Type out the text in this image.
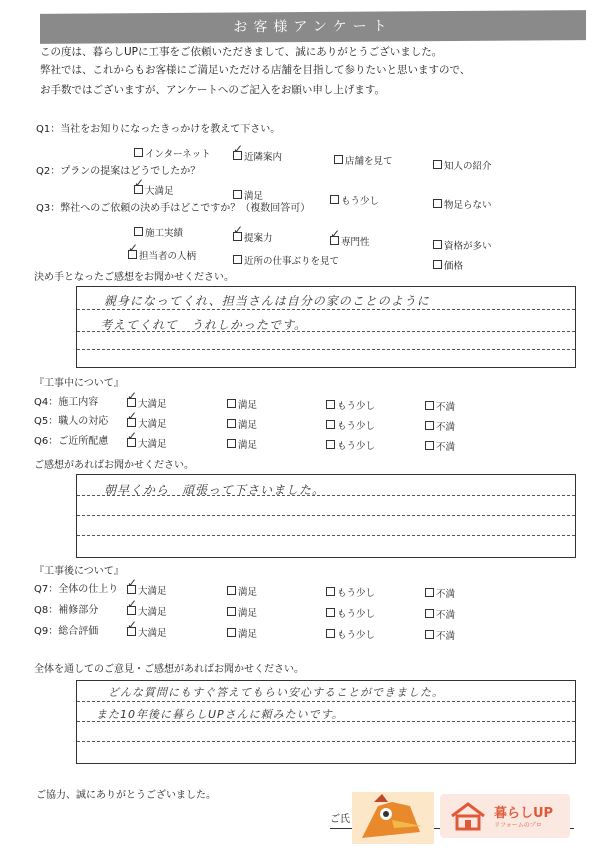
お客様アンケート
この度は、暮らしUPに工事をご依頼いただきまして、誠にありがとうございました。
弊社では、これからもお客様にご満足いただける店舗を目指して参りたいと思いますので、
お手数ではございますが、アンケートへのご記入をお願い申し上げます。
Q1：当社をお知りになったきっかけを教えて下さい。
インターネット ✓	近隣案内	店舗を見て	知人の紹介
Q2：プランの提案はどうでしたか？
✓大満足	満足	もう少し	物足らない
Q3：弊社へのご依頼の決め手はどこですか？（複数回答可）
施工実績 ✓	提案力 ✓	専門性	資格が多い
✓担当者の人柄	近所の仕事ぶりを見て	価格
決め手となったご感想をお聞かせください。
親身になってくれ、担当さんは自分の家のことのように
考えてくれて　うれしかったです。
『工事中について』
Q4：施工内容 ✓	大満足	満足	もう少し	不満
Q5：職人の対応 ✓	大満足	満足	もう少し	不満
Q6：ご近所配慮 ✓	大満足	満足	もう少し	不満
ご感想があればお聞かせください。
朝早くから　頑張って下さいました。
『工事後について』
Q7：全体の仕上り ✓	大満足	満足	もう少し	不満
Q8：補修部分 ✓	大満足	満足	もう少し	不満
Q9：総合評価 ✓	大満足	満足	もう少し	不満
全体を通してのご意見・ご感想があればお聞かせください。
どんな質問にもすぐ答えてもらい安心することができました。
また10年後に暮らしUPさんに頼みたいです。
ご協力、誠にありがとうございました。
ご氏	暮らしUP
リフォームのプロ
